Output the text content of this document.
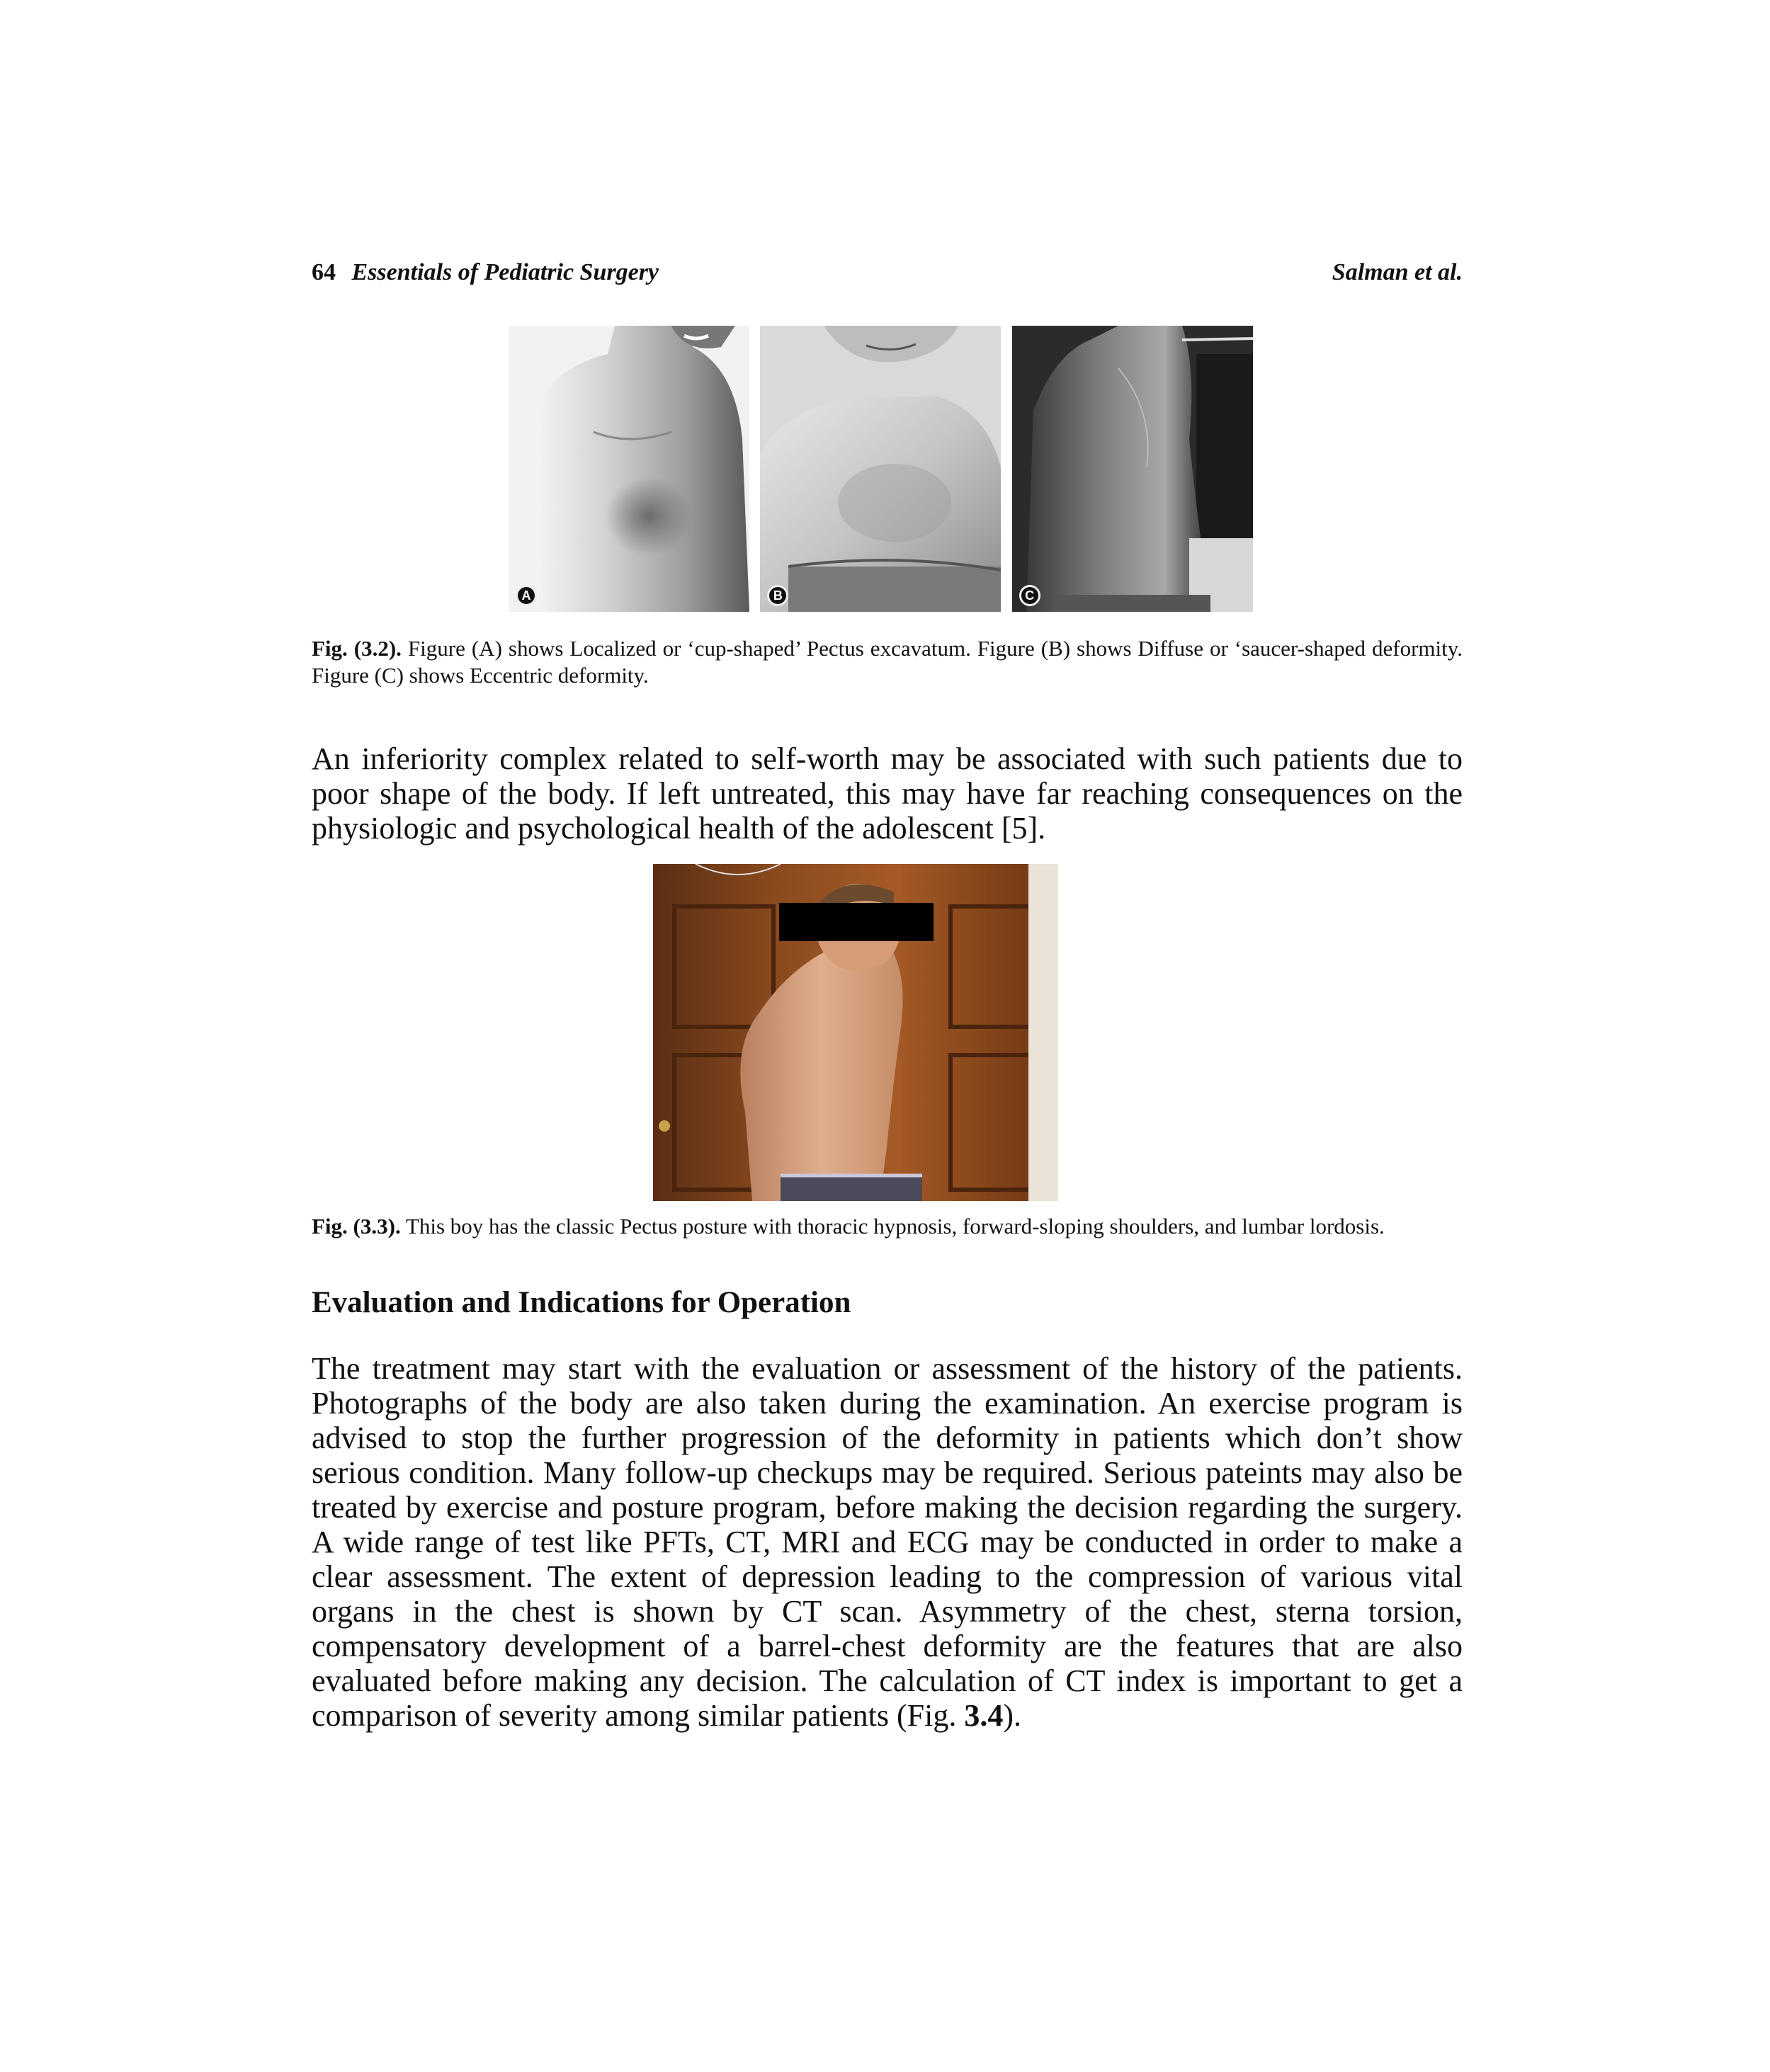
64 Essentials of Pediatric Surgery	Salman et al.
A	B	C
Fig. (3.2). Figure (A) shows Localized or ‘cup-shaped’ Pectus excavatum. Figure (B) shows Diffuse or ‘saucer-shaped deformity. Figure (C) shows Eccentric deformity.
An inferiority complex related to self-worth may be associated with such patients due to poor shape of the body. If left untreated, this may have far reaching consequences on the physiologic and psychological health of the adolescent [5].
Fig. (3.3). This boy has the classic Pectus posture with thoracic hypnosis, forward-sloping shoulders, and lumbar lordosis.
Evaluation and Indications for Operation
The treatment may start with the evaluation or assessment of the history of the patients. Photographs of the body are also taken during the examination. An exercise program is advised to stop the further progression of the deformity in patients which don’t show serious condition. Many follow-up checkups may be required. Serious pateints may also be treated by exercise and posture program, before making the decision regarding the surgery. A wide range of test like PFTs, CT, MRI and ECG may be conducted in order to make a clear assessment. The extent of depression leading to the compression of various vital organs in the chest is shown by CT scan. Asymmetry of the chest, sterna torsion, compensatory development of a barrel-chest deformity are the features that are also evaluated before making any decision. The calculation of CT index is important to get a comparison of severity among similar patients (Fig. 3.4).
